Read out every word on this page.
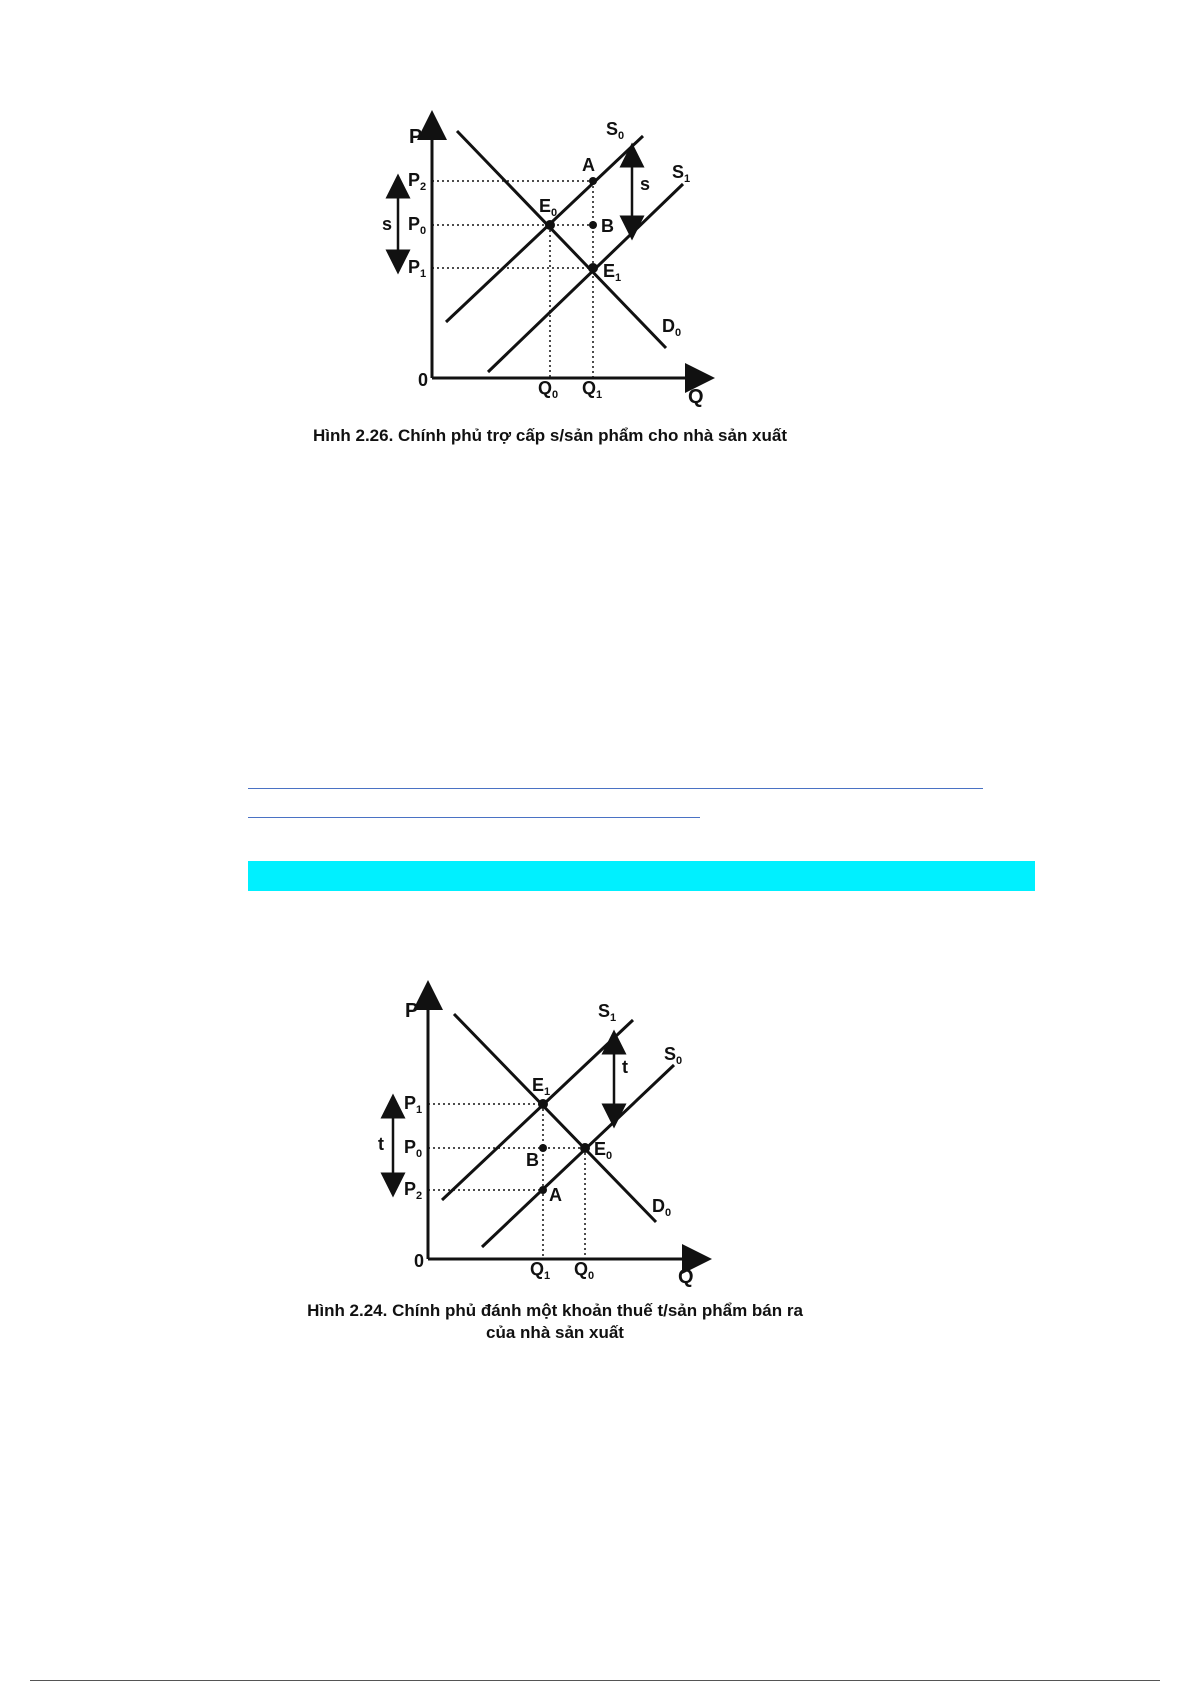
P
Q
0
$P_2$
$P_0$
$P_1$
s
$Q_0$ $Q_1$
$S_0$
$S_1$
$D_0$
$E_0$
$E_1$
A
B
s
Hình 2.26. Chính phủ trợ cấp s/sản phẩm cho nhà sản xuất
P
Q
0
$P_1$
$P_0$
$P_2$
t
$Q_1$ $Q_0$
$S_1$
$S_0$
$D_0$
$E_1$
$E_0$
A
B
t
Hình 2.24. Chính phủ đánh một khoản thuế t/sản phẩm bán ra
của nhà sản xuất
